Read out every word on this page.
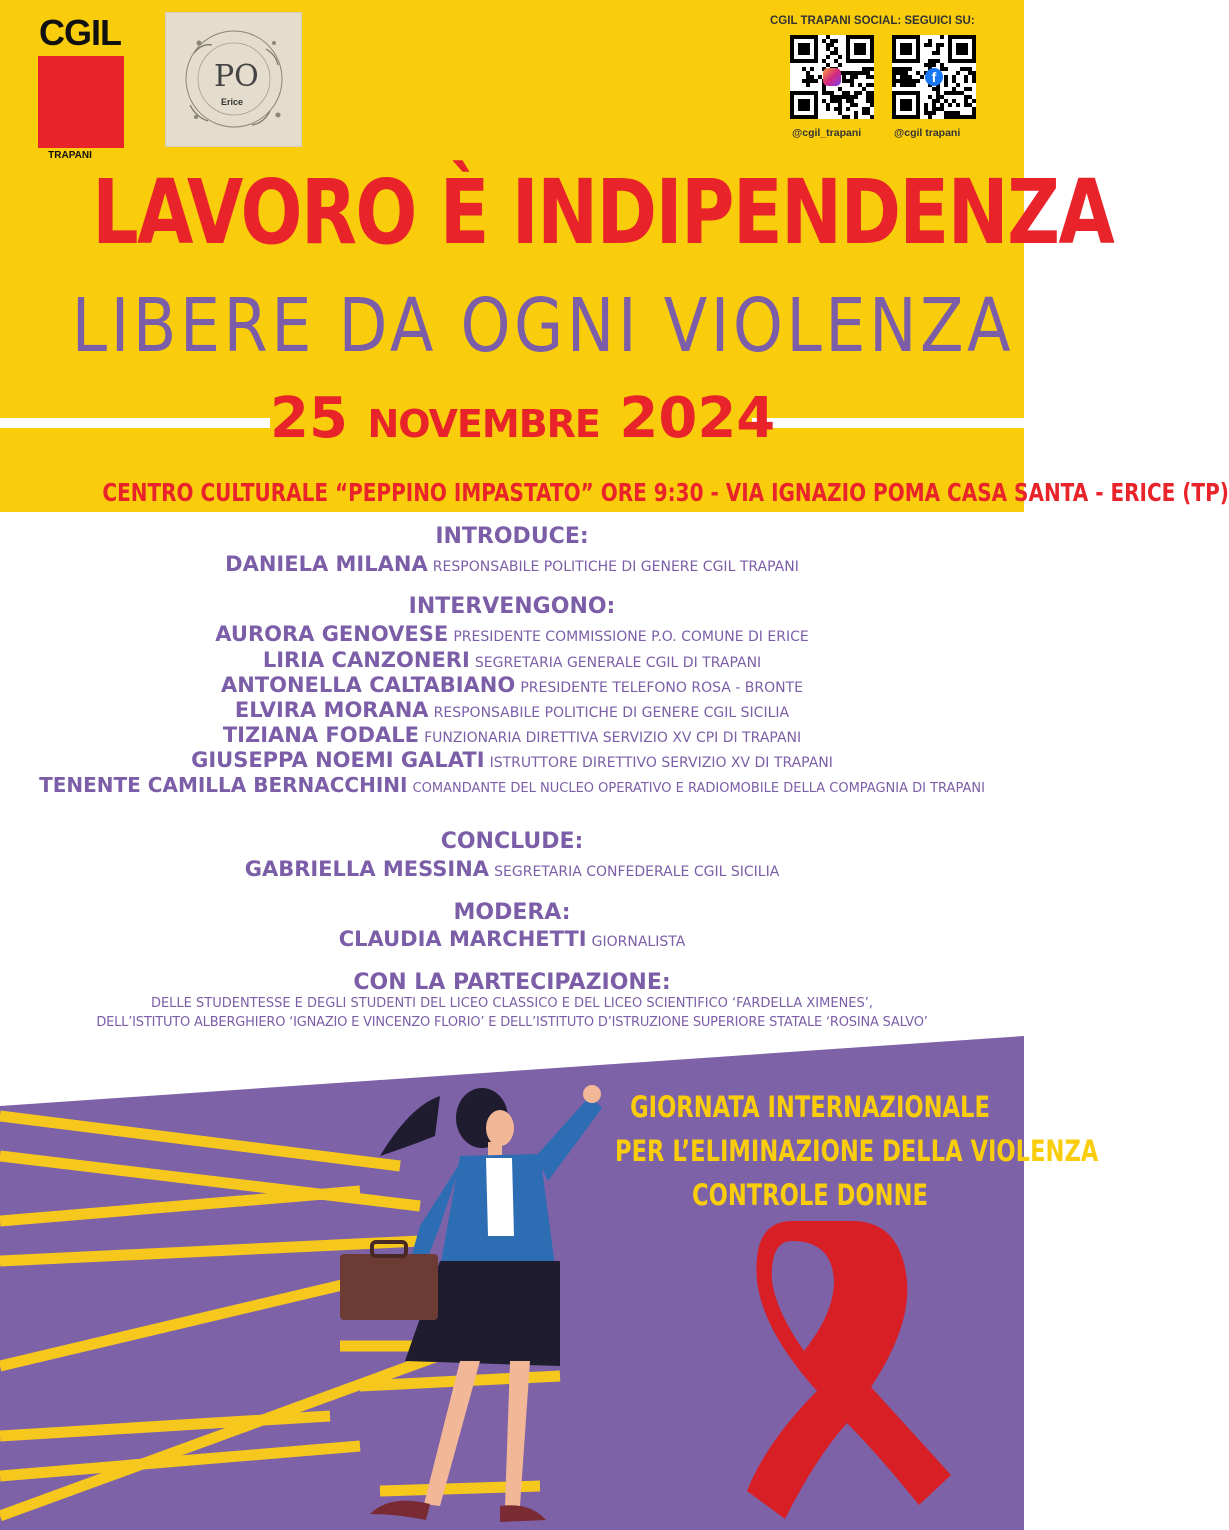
CGIL
TRAPANI
PO
Erice
CGIL TRAPANI SOCIAL: SEGUICI SU:
f
@cgil_trapani	@cgil trapani
LAVORO È INDIPENDENZA
LIBERE DA OGNI VIOLENZA
25 NOVEMBRE 2024
CENTRO CULTURALE “PEPPINO IMPASTATO” ORE 9:30 - VIA IGNAZIO POMA CASA SANTA - ERICE (TP)
INTRODUCE:
DANIELA MILANA RESPONSABILE POLITICHE DI GENERE CGIL TRAPANI
INTERVENGONO:
AURORA GENOVESE PRESIDENTE COMMISSIONE P.O. COMUNE DI ERICE
LIRIA CANZONERI SEGRETARIA GENERALE CGIL DI TRAPANI
ANTONELLA CALTABIANO PRESIDENTE TELEFONO ROSA - BRONTE
ELVIRA MORANA RESPONSABILE POLITICHE DI GENERE CGIL SICILIA
TIZIANA FODALE FUNZIONARIA DIRETTIVA SERVIZIO XV CPI DI TRAPANI
GIUSEPPA NOEMI GALATI ISTRUTTORE DIRETTIVO SERVIZIO XV DI TRAPANI
TENENTE CAMILLA BERNACCHINI COMANDANTE DEL NUCLEO OPERATIVO E RADIOMOBILE DELLA COMPAGNIA DI TRAPANI
CONCLUDE:
GABRIELLA MESSINA SEGRETARIA CONFEDERALE CGIL SICILIA
MODERA:
CLAUDIA MARCHETTI GIORNALISTA
CON LA PARTECIPAZIONE:
DELLE STUDENTESSE E DEGLI STUDENTI DEL LICEO CLASSICO E DEL LICEO SCIENTIFICO ‘FARDELLA XIMENES’,
DELL’ISTITUTO ALBERGHIERO ‘IGNAZIO E VINCENZO FLORIO’ E DELL’ISTITUTO D’ISTRUZIONE SUPERIORE STATALE ‘ROSINA SALVO’
GIORNATA INTERNAZIONALE
PER L’ELIMINAZIONE DELLA VIOLENZA
CONTROLE DONNE
